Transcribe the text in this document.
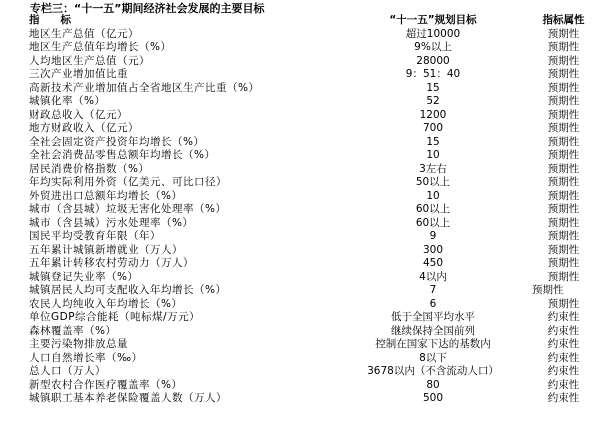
专栏三：“十一五”期间经济社会发展的主要目标
指　　标	“十一五”规划目标	指标属性
地区生产总值（亿元）	超过10000	预期性
地区生产总值年均增长（%）	9%以上	预期性
人均地区生产总值（元）	28000	预期性
三次产业增加值比重	9：51：40	预期性
高新技术产业增加值占全省地区生产比重（%）	15	预期性
城镇化率（%）	52	预期性
财政总收入（亿元）	1200	预期性
地方财政收入（亿元）	700	预期性
全社会固定资产投资年均增长（%）	15	预期性
全社会消费品零售总额年均增长（%）	10	预期性
居民消费价格指数（%）	3左右	预期性
年均实际利用外资（亿美元、可比口径）	50以上	预期性
外贸进出口总额年均增长（%）	10	预期性
城市（含县城）垃圾无害化处理率（%）	60以上	预期性
城市（含县城）污水处理率（%）	60以上	预期性
国民平均受教育年限（年）	9	预期性
五年累计城镇新增就业（万人）	300	预期性
五年累计转移农村劳动力（万人）	450	预期性
城镇登记失业率（%）	4以内	预期性
城镇居民人均可支配收入年均增长（%）	7	预期性
农民人均纯收入年均增长（%）	6	预期性
单位GDP综合能耗（吨标煤/万元）	低于全国平均水平	约束性
森林覆盖率（%）	继续保持全国前列	约束性
主要污染物排放总量	控制在国家下达的基数内	约束性
人口自然增长率（‰）	8以下	约束性
总人口（万人）	3678以内（不含流动人口）	约束性
新型农村合作医疗覆盖率（%）	80	约束性
城镇职工基本养老保险覆盖人数（万人）	500	约束性
